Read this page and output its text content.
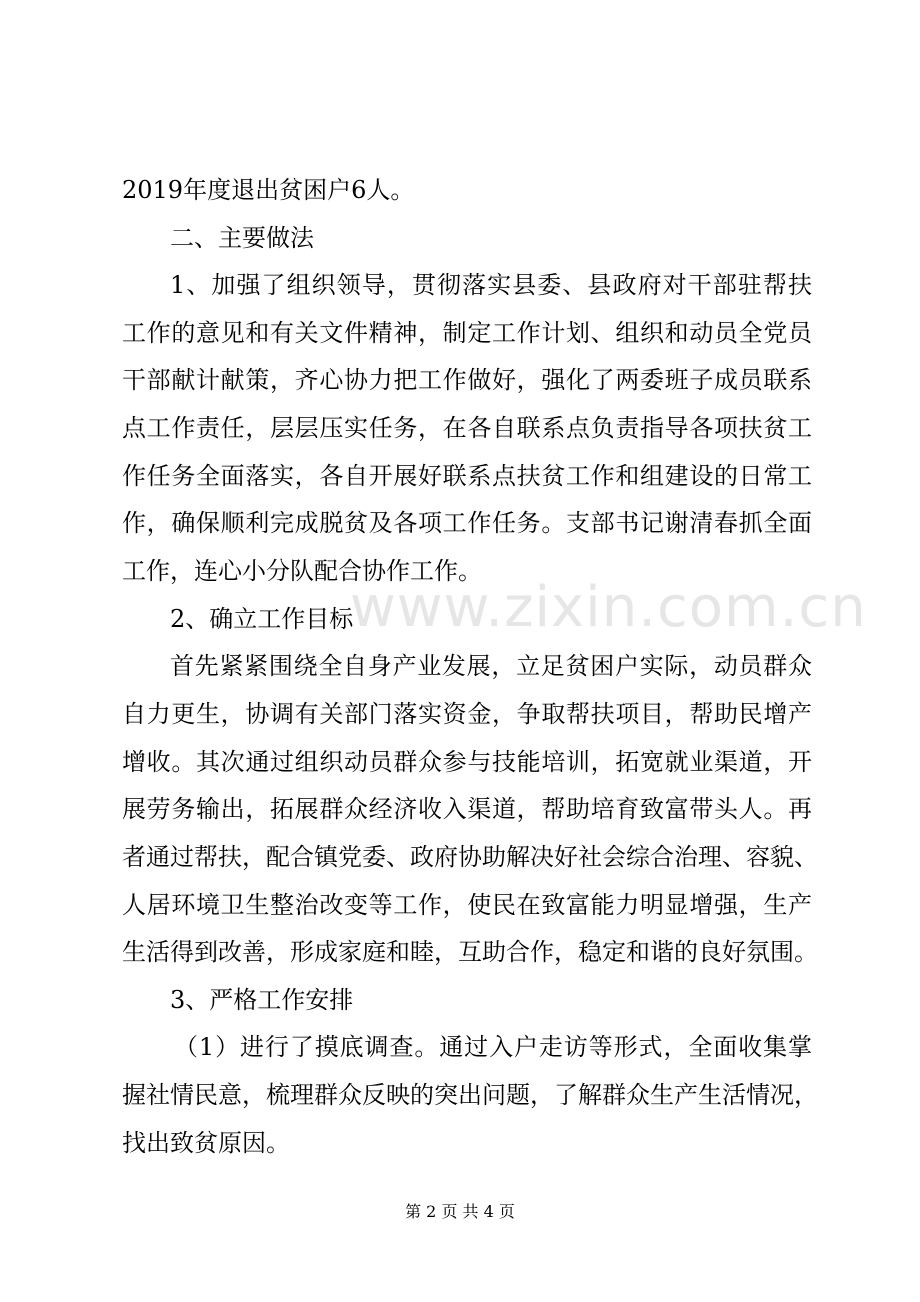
www.zixin.com.cn
2019年度退出贫困户6人。
二、主要做法
1、加强了组织领导，贯彻落实县委、县政府对干部驻帮扶
工作的意见和有关文件精神，制定工作计划、组织和动员全党员
干部献计献策，齐心协力把工作做好，强化了两委班子成员联系
点工作责任，层层压实任务，在各自联系点负责指导各项扶贫工
作任务全面落实，各自开展好联系点扶贫工作和组建设的日常工
作，确保顺利完成脱贫及各项工作任务。支部书记谢清春抓全面
工作，连心小分队配合协作工作。
2、确立工作目标
首先紧紧围绕全自身产业发展，立足贫困户实际，动员群众
自力更生，协调有关部门落实资金，争取帮扶项目，帮助民增产
增收。其次通过组织动员群众参与技能培训，拓宽就业渠道，开
展劳务输出，拓展群众经济收入渠道，帮助培育致富带头人。再
者通过帮扶，配合镇党委、政府协助解决好社会综合治理、容貌、
人居环境卫生整治改变等工作，使民在致富能力明显增强，生产
生活得到改善，形成家庭和睦，互助合作，稳定和谐的良好氛围。
3、严格工作安排
（1）进行了摸底调查。通过入户走访等形式，全面收集掌
握社情民意，梳理群众反映的突出问题，了解群众生产生活情况，
找出致贫原因。
第 2 页 共 4 页
